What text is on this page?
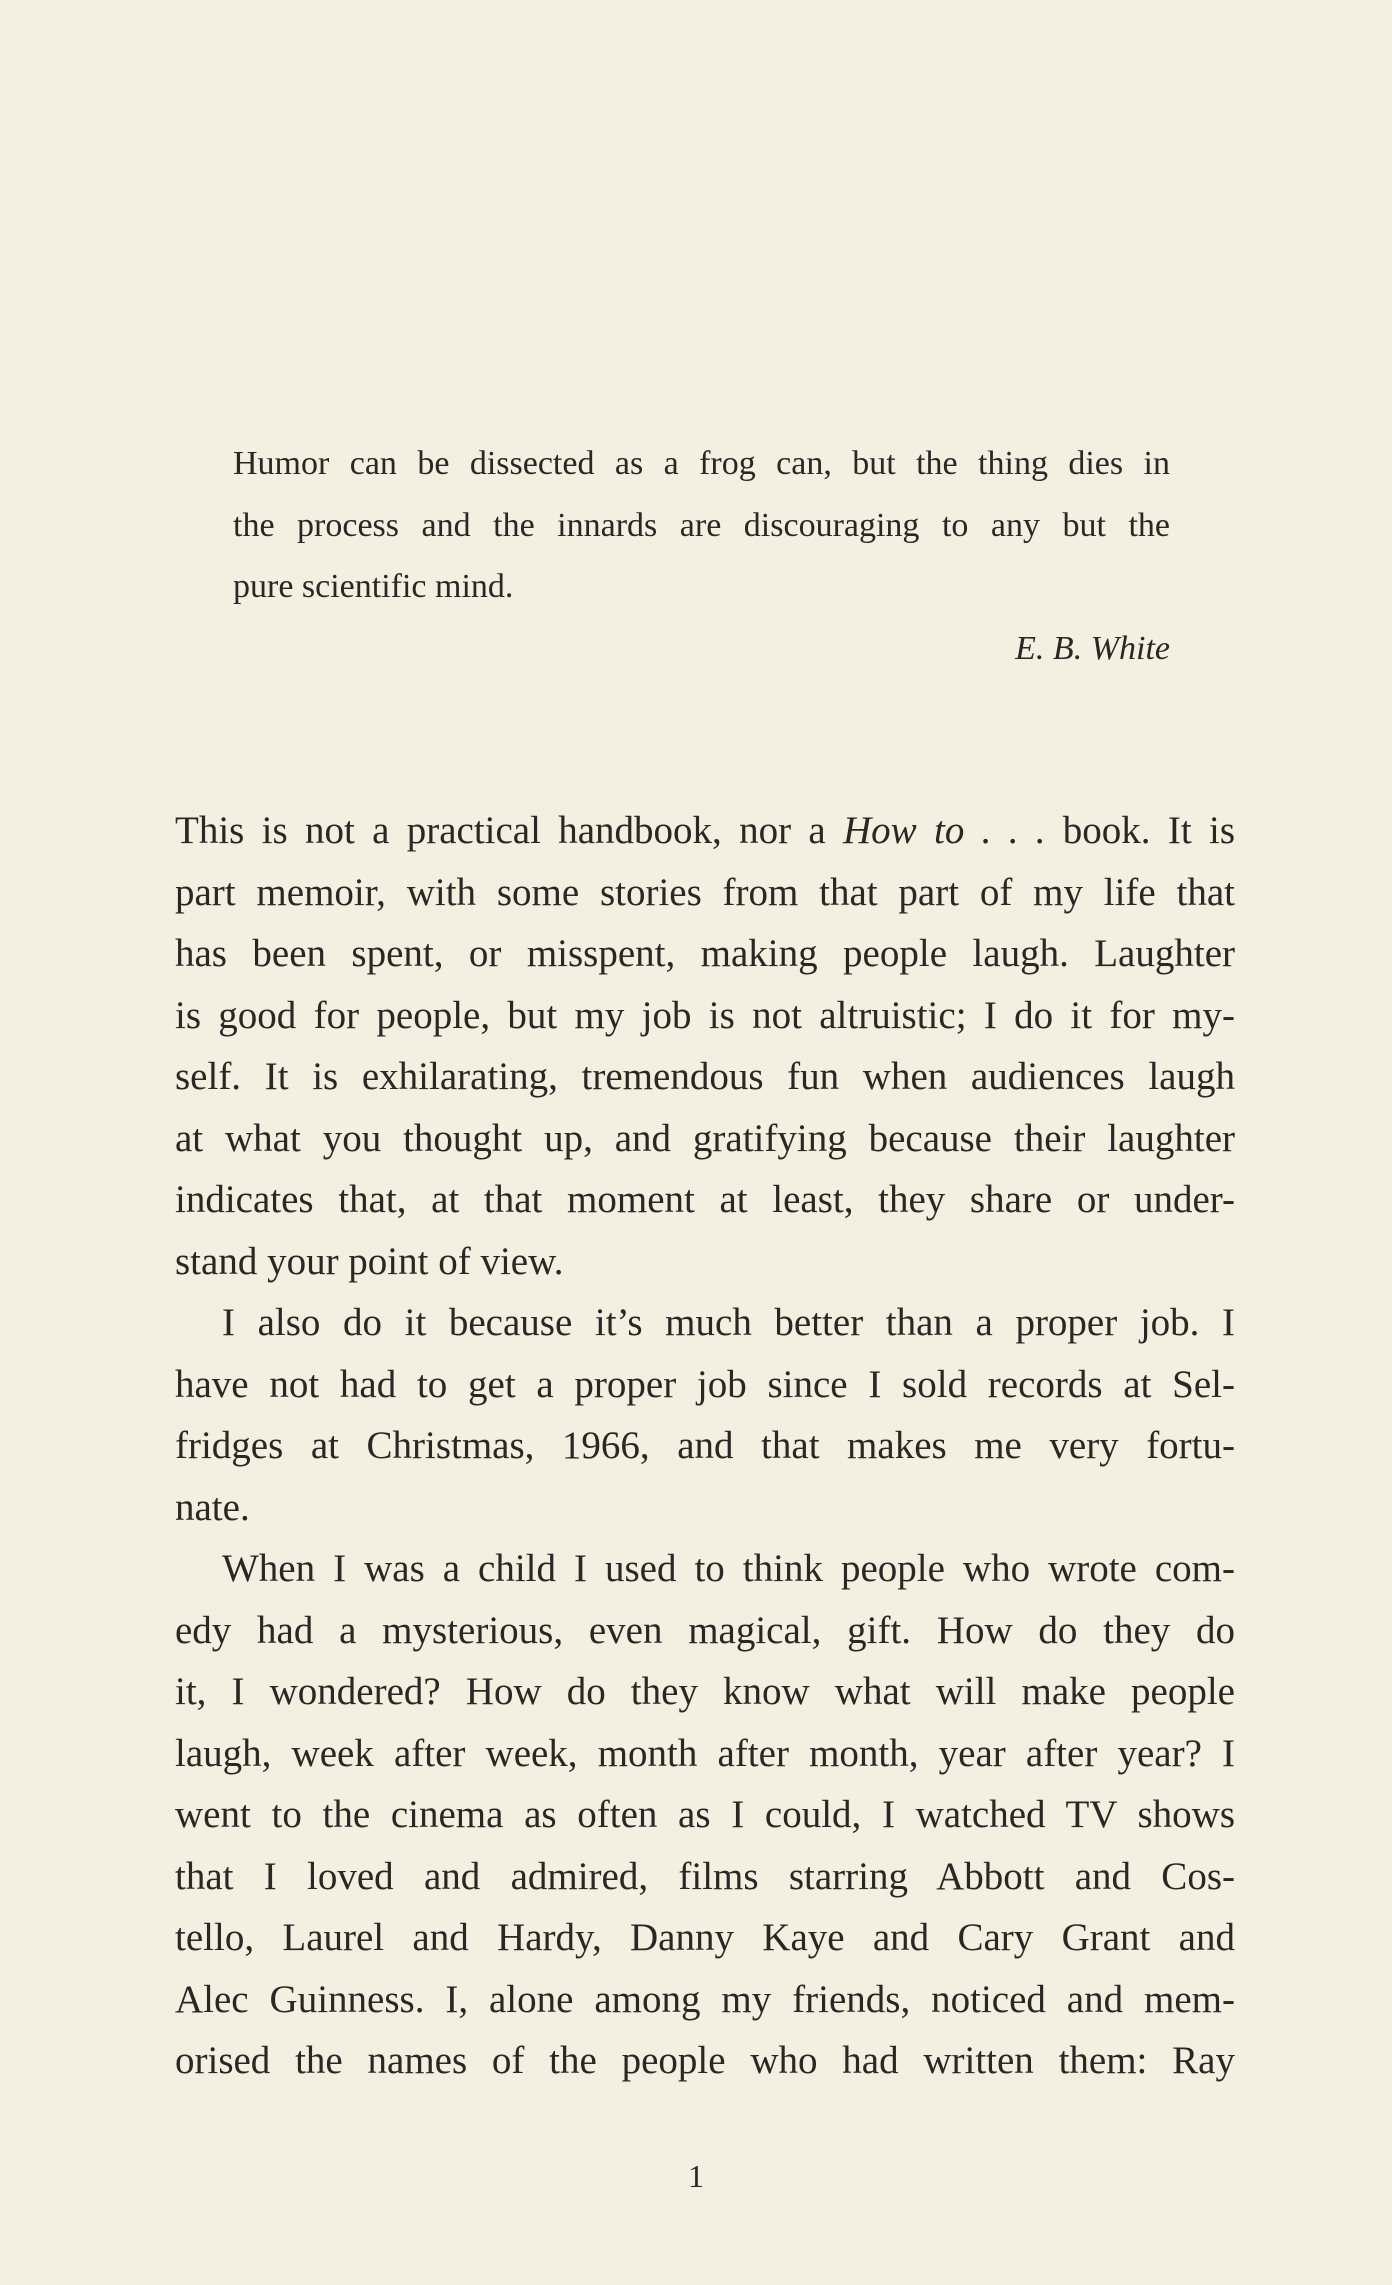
Humor can be dissected as a frog can, but the thing dies in
the process and the innards are discouraging to any but the
pure scientific mind.
E. B. White
This is not a practical handbook, nor a How to . . . book. It is
part memoir, with some stories from that part of my life that
has been spent, or misspent, making people laugh. Laughter
is good for people, but my job is not altruistic; I do it for my-
self. It is exhilarating, tremendous fun when audiences laugh
at what you thought up, and gratifying because their laughter
indicates that, at that moment at least, they share or under-
stand your point of view.
I also do it because it’s much better than a proper job. I
have not had to get a proper job since I sold records at Sel-
fridges at Christmas, 1966, and that makes me very fortu-
nate.
When I was a child I used to think people who wrote com-
edy had a mysterious, even magical, gift. How do they do
it, I wondered? How do they know what will make people
laugh, week after week, month after month, year after year? I
went to the cinema as often as I could, I watched TV shows
that I loved and admired, films starring Abbott and Cos-
tello, Laurel and Hardy, Danny Kaye and Cary Grant and
Alec Guinness. I, alone among my friends, noticed and mem-
orised the names of the people who had written them: Ray
1
